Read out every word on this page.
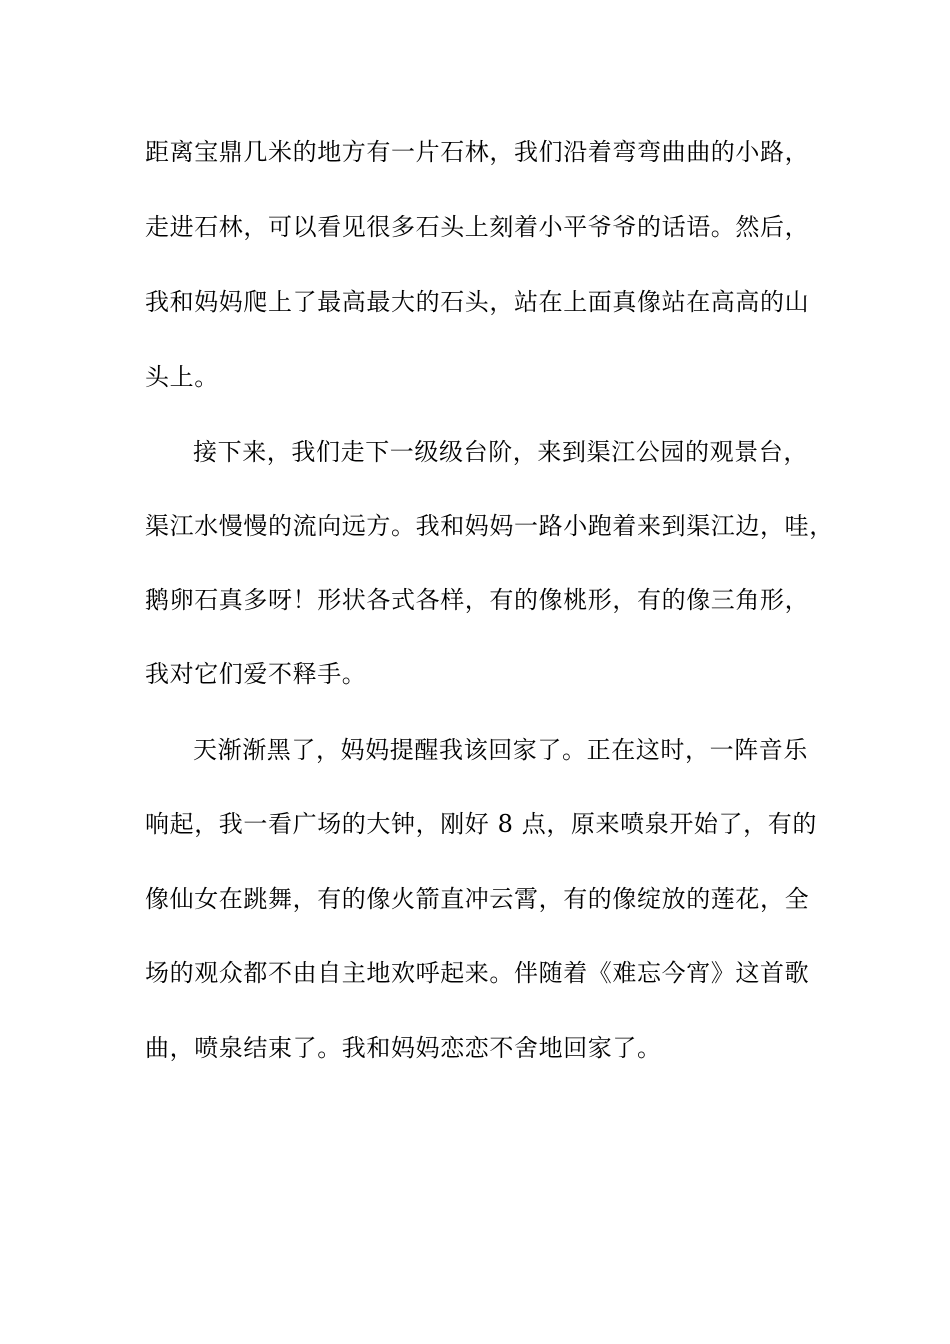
距离宝鼎几米的地方有一片石林，我们沿着弯弯曲曲的小路，
走进石林，可以看见很多石头上刻着小平爷爷的话语。然后，
我和妈妈爬上了最高最大的石头，站在上面真像站在高高的山
头上。
接下来，我们走下一级级台阶，来到渠江公园的观景台，
渠江水慢慢的流向远方。我和妈妈一路小跑着来到渠江边，哇，
鹅卵石真多呀！形状各式各样，有的像桃形，有的像三角形，
我对它们爱不释手。
天渐渐黑了，妈妈提醒我该回家了。正在这时，一阵音乐
响起，我一看广场的大钟，刚好 8 点，原来喷泉开始了，有的
像仙女在跳舞，有的像火箭直冲云霄，有的像绽放的莲花，全
场的观众都不由自主地欢呼起来。伴随着《难忘今宵》这首歌
曲，喷泉结束了。我和妈妈恋恋不舍地回家了。
